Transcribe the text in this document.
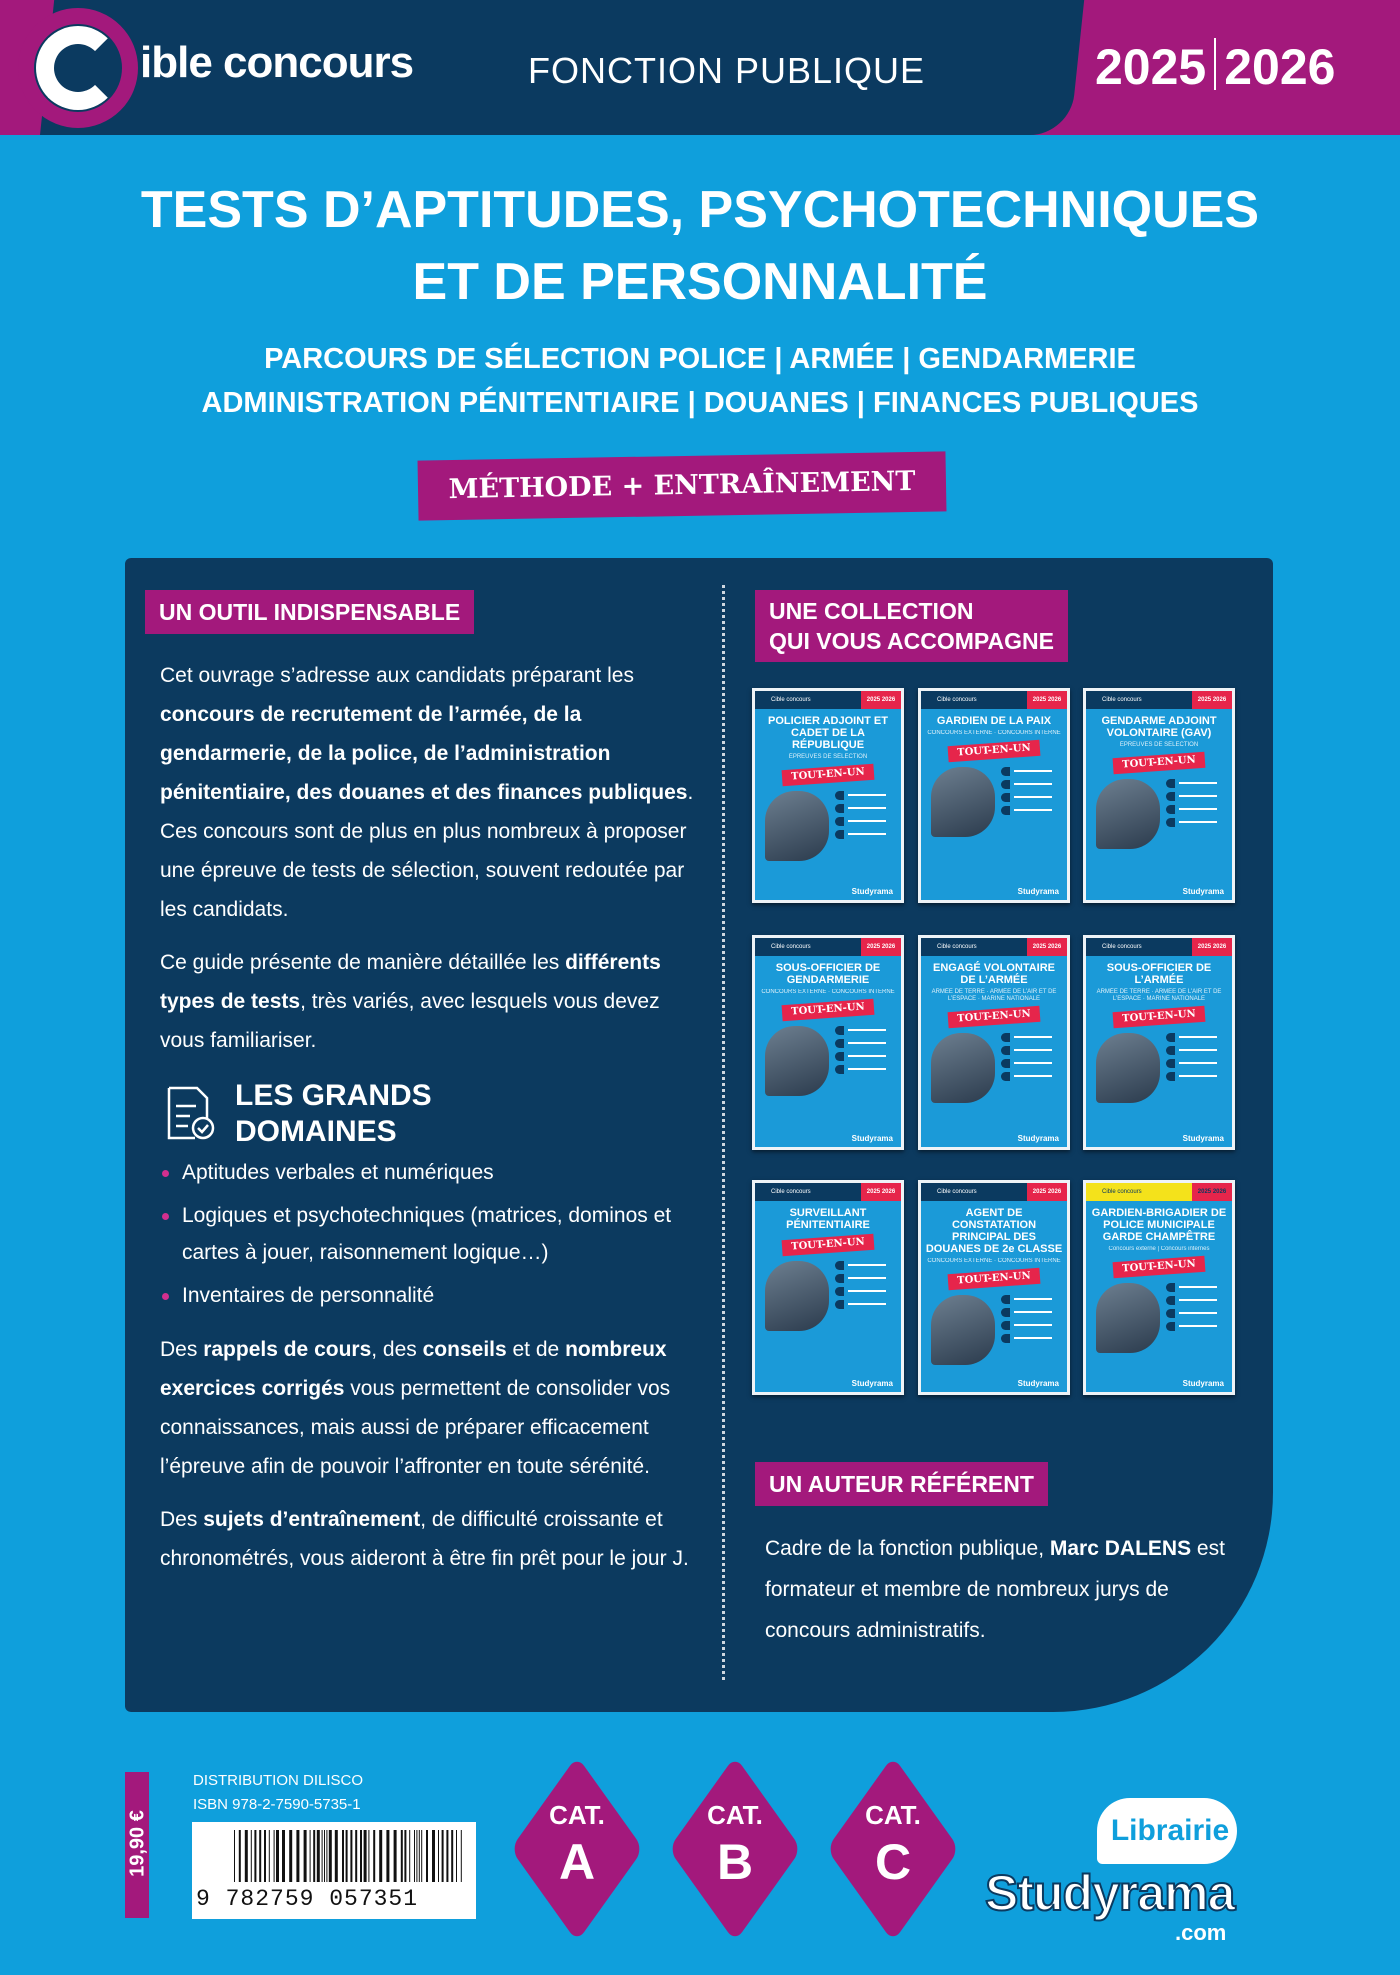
ible concours	FONCTION PUBLIQUE	2025 2026
TESTS D’APTITUDES, PSYCHOTECHNIQUES
ET DE PERSONNALITÉ
PARCOURS DE SÉLECTION POLICE | ARMÉE | GENDARMERIE
ADMINISTRATION PÉNITENTIAIRE | DOUANES | FINANCES PUBLIQUES
MÉTHODE + ENTRAÎNEMENT
UN OUTIL INDISPENSABLE
Cet ouvrage s’adresse aux candidats préparant les concours de recrutement de l’armée, de la gendarmerie, de la police, de l’administration pénitentiaire, des douanes et des finances publiques. Ces concours sont de plus en plus nombreux à proposer une épreuve de tests de sélection, souvent redoutée par les candidats.
Ce guide présente de manière détaillée les différents types de tests, très variés, avec lesquels vous devez vous familiariser.
LES GRANDS
DOMAINES
Aptitudes verbales et numériques
Logiques et psychotechniques (matrices, dominos et cartes à jouer, raisonnement logique…)
Inventaires de personnalité
Des rappels de cours, des conseils et de nombreux exercices corrigés vous permettent de consolider vos connaissances, mais aussi de préparer efficacement l’épreuve afin de pouvoir l’affronter en toute sérénité.
Des sujets d’entraînement, de difficulté croissante et chronométrés, vous aideront à être fin prêt pour le jour J.
UNE COLLECTION
QUI VOUS ACCOMPAGNE
Cible concours	2025 2026
POLICIER ADJOINT ET CADET DE LA RÉPUBLIQUE
ÉPREUVES DE SÉLECTION
TOUT-EN-UN
Studyrama
Cible concours	2025 2026
GARDIEN DE LA PAIX
CONCOURS EXTERNE · CONCOURS INTERNE
TOUT-EN-UN
Studyrama
Cible concours	2025 2026
GENDARME ADJOINT VOLONTAIRE (GAV)
ÉPREUVES DE SÉLECTION
TOUT-EN-UN
Studyrama
Cible concours	2025 2026
SOUS-OFFICIER DE GENDARMERIE
CONCOURS EXTERNE · CONCOURS INTERNE
TOUT-EN-UN
Studyrama
Cible concours	2025 2026
ENGAGÉ VOLONTAIRE DE L’ARMÉE
ARMÉE DE TERRE · ARMÉE DE L’AIR ET DE L’ESPACE · MARINE NATIONALE
TOUT-EN-UN
Studyrama
Cible concours	2025 2026
SOUS-OFFICIER DE L’ARMÉE
ARMÉE DE TERRE · ARMÉE DE L’AIR ET DE L’ESPACE · MARINE NATIONALE
TOUT-EN-UN
Studyrama
Cible concours	2025 2026
SURVEILLANT PÉNITENTIAIRE
TOUT-EN-UN
Studyrama
Cible concours	2025 2026
AGENT DE CONSTATATION PRINCIPAL DES DOUANES DE 2e CLASSE
CONCOURS EXTERNE · CONCOURS INTERNE
TOUT-EN-UN
Studyrama
Cible concours	2025 2026
GARDIEN-BRIGADIER DE POLICE MUNICIPALE GARDE CHAMPÊTRE
Concours externe | Concours internes
TOUT-EN-UN
Studyrama
UN AUTEUR RÉFÉRENT
Cadre de la fonction publique, Marc DALENS est formateur et membre de nombreux jurys de concours administratifs.
19,90 €
DISTRIBUTION DILISCO
ISBN 978-2-7590-5735-1
9 782759 057351
CAT.
A
CAT.
B
CAT.
C
Librairie
Studyrama
.com
